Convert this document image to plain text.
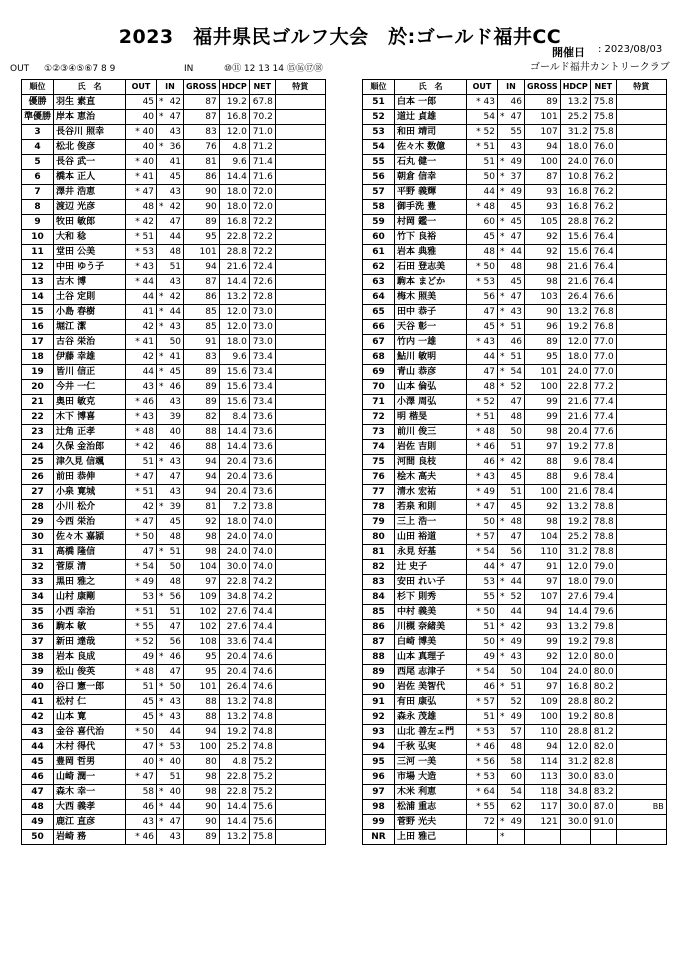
2023　福井県民ゴルフ大会　於:ゴールド福井CC
開催日 : 2023/08/03
ゴールド福井カントリークラブ
OUT ①②③④⑤⑥7 8 9	IN	⑩⑪ 12 13 14 ⑮⑯⑰⑱
順位	氏　名	OUT	IN	GROSS	HDCP	NET	特賞
優勝	羽生 素直	45	* 42	87	19.2	67.8	
準優勝	岸本 恵治	40	* 47	87	16.8	70.2	
3	長谷川 照幸	* 40	43	83	12.0	71.0	
4	松北 俊彦	40	* 36	76	4.8	71.2	
5	長谷 武一	* 40	41	81	9.6	71.4	
6	橋本 正人	* 41	45	86	14.4	71.6	
7	澤井 浩恵	* 47	43	90	18.0	72.0	
8	渡辺 光彦	48	* 42	90	18.0	72.0	
9	牧田 敏郎	* 42	47	89	16.8	72.2	
10	大和 稔	* 51	44	95	22.8	72.2	
11	堂田 公美	* 53	48	101	28.8	72.2	
12	中田 ゆう子	* 43	51	94	21.6	72.4	
13	古木 博	* 44	43	87	14.4	72.6	
14	土谷 定則	44	* 42	86	13.2	72.8	
15	小島 春樹	41	* 44	85	12.0	73.0	
16	堀江 潔	42	* 43	85	12.0	73.0	
17	古谷 栄治	* 41	50	91	18.0	73.0	
18	伊藤 幸雄	42	* 41	83	9.6	73.4	
19	皆川 信正	44	* 45	89	15.6	73.4	
20	今井 一仁	43	* 46	89	15.6	73.4	
21	奥田 敏克	* 46	43	89	15.6	73.4	
22	木下 博喜	* 43	39	82	8.4	73.6	
23	辻角 正孝	* 48	40	88	14.4	73.6	
24	久保 金治郎	* 42	46	88	14.4	73.6	
25	津久見 信颯	51	* 43	94	20.4	73.6	
26	前田 恭伸	* 47	47	94	20.4	73.6	
27	小泉 寛城	* 51	43	94	20.4	73.6	
28	小川 松介	42	* 39	81	7.2	73.8	
29	今西 栄治	* 47	45	92	18.0	74.0	
30	佐々木 嘉頴	* 50	48	98	24.0	74.0	
31	高橋 隆信	47	* 51	98	24.0	74.0	
32	菅原 清	* 54	50	104	30.0	74.0	
33	黒田 雅之	* 49	48	97	22.8	74.2	
34	山村 康剛	53	* 56	109	34.8	74.2	
35	小西 幸治	* 51	51	102	27.6	74.4	
36	駒本 敏	* 55	47	102	27.6	74.4	
37	新田 達哉	* 52	56	108	33.6	74.4	
38	岩本 良成	49	* 46	95	20.4	74.6	
39	松山 俊英	* 48	47	95	20.4	74.6	
40	谷口 憲一郎	51	* 50	101	26.4	74.6	
41	松村 仁	45	* 43	88	13.2	74.8	
42	山本 寛	45	* 43	88	13.2	74.8	
43	金谷 喜代治	* 50	44	94	19.2	74.8	
44	木村 得代	47	* 53	100	25.2	74.8	
45	豊岡 哲男	40	* 40	80	4.8	75.2	
46	山崎 潤一	* 47	51	98	22.8	75.2	
47	森木 幸一	58	* 40	98	22.8	75.2	
48	大西 義孝	46	* 44	90	14.4	75.6	
49	鹿江 直彦	43	* 47	90	14.4	75.6	
50	岩崎 務	* 46	43	89	13.2	75.8	
順位	氏　名	OUT	IN	GROSS	HDCP	NET	特賞
51	白本 一郎	* 43	46	89	13.2	75.8	
52	道辻 貞雄	54	* 47	101	25.2	75.8	
53	和田 靖司	* 52	55	107	31.2	75.8	
54	佐々木 数億	* 51	43	94	18.0	76.0	
55	石丸 健一	51	* 49	100	24.0	76.0	
56	朝倉 信幸	50	* 37	87	10.8	76.2	
57	平野 義輝	44	* 49	93	16.8	76.2	
58	御手洗 豊	* 48	45	93	16.8	76.2	
59	村岡 鑑一	60	* 45	105	28.8	76.2	
60	竹下 良裕	45	* 47	92	15.6	76.4	
61	岩本 典雅	48	* 44	92	15.6	76.4	
62	石田 登志美	* 50	48	98	21.6	76.4	
63	駒本 まどか	* 53	45	98	21.6	76.4	
64	梅木 照美	56	* 47	103	26.4	76.6	
65	田中 恭子	47	* 43	90	13.2	76.8	
66	天谷 彰一	45	* 51	96	19.2	76.8	
67	竹内 一雄	* 43	46	89	12.0	77.0	
68	鮎川 敏明	44	* 51	95	18.0	77.0	
69	青山 恭彦	47	* 54	101	24.0	77.0	
70	山本 倫弘	48	* 52	100	22.8	77.2	
71	小澤 周弘	* 52	47	99	21.6	77.4	
72	明 楷旻	* 51	48	99	21.6	77.4	
73	前川 俊三	* 48	50	98	20.4	77.6	
74	岩佐 吉則	* 46	51	97	19.2	77.8	
75	河間 良枝	46	* 42	88	9.6	78.4	
76	桧木 高夫	* 43	45	88	9.6	78.4	
77	清水 宏祐	* 49	51	100	21.6	78.4	
78	若泉 和則	* 47	45	92	13.2	78.8	
79	三上 浩一	50	* 48	98	19.2	78.8	
80	山田 裕道	* 57	47	104	25.2	78.8	
81	永見 好基	* 54	56	110	31.2	78.8	
82	辻 史子	44	* 47	91	12.0	79.0	
83	安田 れい子	53	* 44	97	18.0	79.0	
84	杉下 則秀	55	* 52	107	27.6	79.4	
85	中村 義美	* 50	44	94	14.4	79.6	
86	川槻 奈緒美	51	* 42	93	13.2	79.8	
87	白崎 博美	50	* 49	99	19.2	79.8	
88	山本 真理子	49	* 43	92	12.0	80.0	
89	西尾 志津子	* 54	50	104	24.0	80.0	
90	岩佐 美智代	46	* 51	97	16.8	80.2	
91	有田 康弘	* 57	52	109	28.8	80.2	
92	森永 茂雄	51	* 49	100	19.2	80.8	
93	山北 善左ェ門	* 53	57	110	28.8	81.2	
94	千秋 弘実	* 46	48	94	12.0	82.0	
95	三河 一美	* 56	58	114	31.2	82.8	
96	市場 大造	* 53	60	113	30.0	83.0	
97	木米 利恵	* 64	54	118	34.8	83.2	
98	松浦 重志	* 55	62	117	30.0	87.0	BB
99	菅野 光夫	72	* 49	121	30.0	91.0	
NR	上田 雅己		*				
